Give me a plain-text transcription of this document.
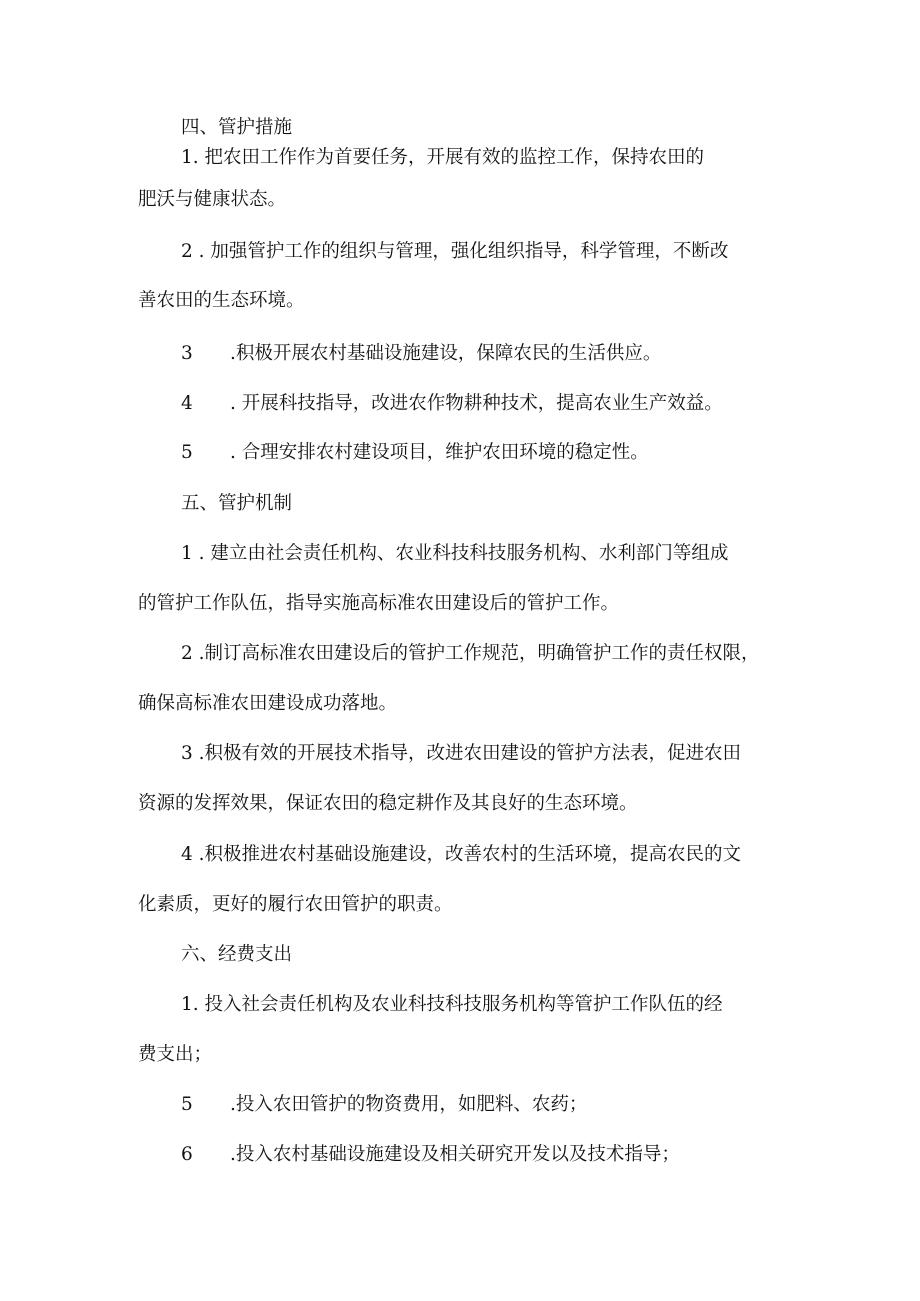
四、管护措施

1. 把农田工作作为首要任务，开展有效的监控工作，保持农田的

肥沃与健康状态。

2 . 加强管护工作的组织与管理，强化组织指导，科学管理，不断改

善农田的生态环境。

3 .积极开展农村基础设施建设，保障农民的生活供应。

4 . 开展科技指导，改进农作物耕种技术，提高农业生产效益。

5 . 合理安排农村建设项目，维护农田环境的稳定性。

五、管护机制

1 . 建立由社会责任机构、农业科技科技服务机构、水利部门等组成

的管护工作队伍，指导实施高标准农田建设后的管护工作。

2 .制订高标准农田建设后的管护工作规范，明确管护工作的责任权限，

确保高标准农田建设成功落地。

3 .积极有效的开展技术指导，改进农田建设的管护方法表，促进农田

资源的发挥效果，保证农田的稳定耕作及其良好的生态环境。

4 .积极推进农村基础设施建设，改善农村的生活环境，提高农民的文

化素质，更好的履行农田管护的职责。

六、经费支出

1. 投入社会责任机构及农业科技科技服务机构等管护工作队伍的经

费支出；

5 .投入农田管护的物资费用，如肥料、农药；

6 .投入农村基础设施建设及相关研究开发以及技术指导；
